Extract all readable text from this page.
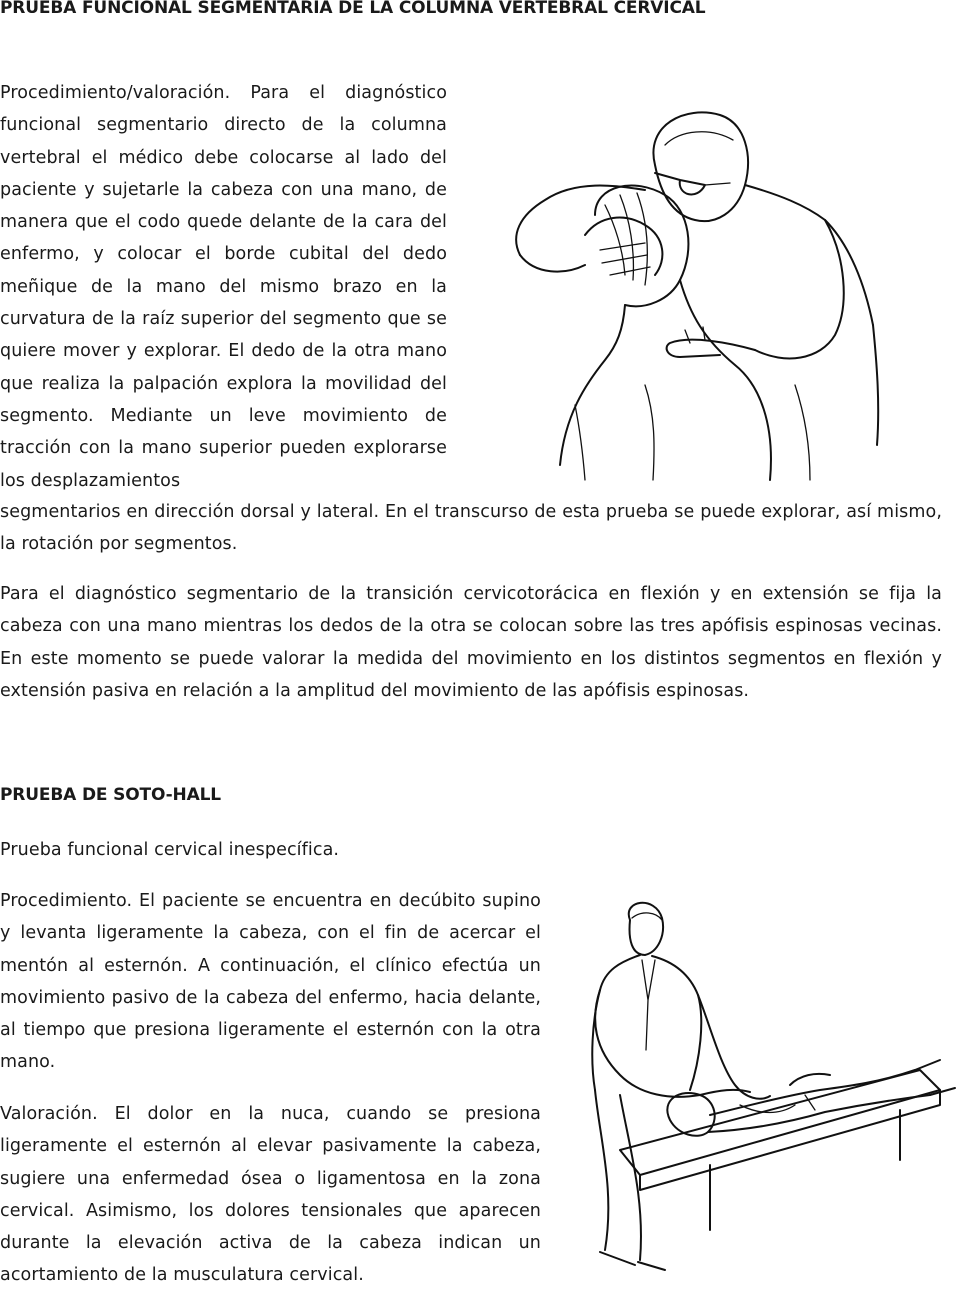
PRUEBA FUNCIONAL SEGMENTARIA DE LA COLUMNA VERTEBRAL CERVICAL

Procedimiento/valoración. Para el diagnóstico funcional segmentario directo de la columna vertebral el médico debe colocarse al lado del paciente y sujetarle la cabeza con una mano, de manera que el codo quede delante de la cara del enfermo, y colocar el borde cubital del dedo meñique de la mano del mismo brazo en la curvatura de la raíz superior del segmento que se quiere mover y explorar. El dedo de la otra mano que realiza la palpación explora la movilidad del segmento. Mediante un leve movimiento de tracción con la mano superior pueden explorarse los desplazamientos

segmentarios en dirección dorsal y lateral. En el transcurso de esta prueba se puede explorar, así mismo, la rotación por segmentos.

Para el diagnóstico segmentario de la transición cervicotorácica en flexión y en extensión se fija la cabeza con una mano mientras los dedos de la otra se colocan sobre las tres apófisis espinosas vecinas. En este momento se puede valorar la medida del movimiento en los distintos segmentos en flexión y extensión pasiva en relación a la amplitud del movimiento de las apófisis espinosas.

PRUEBA DE SOTO-HALL

Prueba funcional cervical inespecífica.

Procedimiento. El paciente se encuentra en decúbito supino y levanta ligeramente la cabeza, con el fin de acercar el mentón al esternón. A continuación, el clínico efectúa un movimiento pasivo de la cabeza del enfermo, hacia delante, al tiempo que presiona ligeramente el esternón con la otra mano.

Valoración. El dolor en la nuca, cuando se presiona ligeramente el esternón al elevar pasivamente la cabeza, sugiere una enfermedad ósea o ligamentosa en la zona cervical. Asimismo, los dolores tensionales que aparecen durante la elevación activa de la cabeza indican un acortamiento de la musculatura cervical.
